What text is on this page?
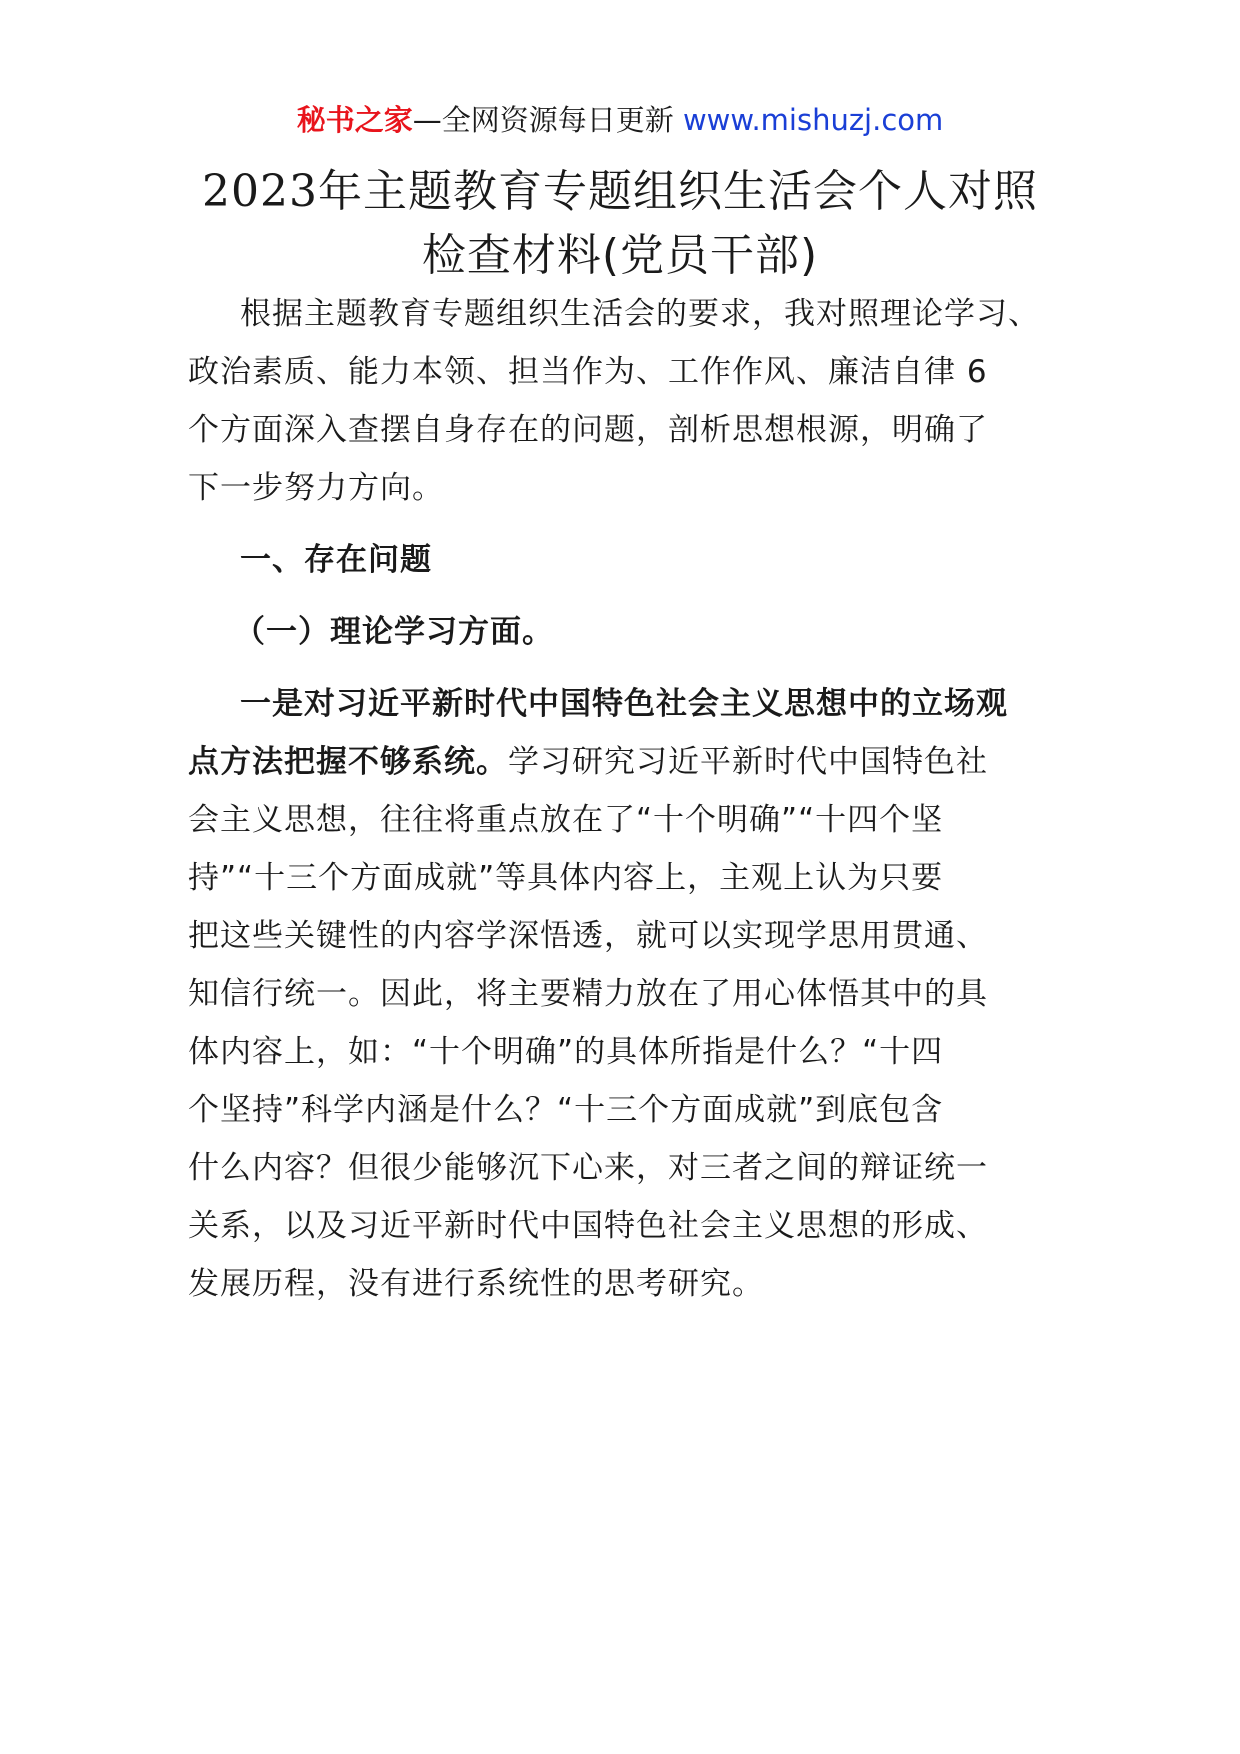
秘书之家—全网资源每日更新 www.mishuzj.com
2023年主题教育专题组织生活会个人对照
检查材料(党员干部)
根据主题教育专题组织生活会的要求，我对照理论学习、
政治素质、能力本领、担当作为、工作作风、廉洁自律 6
个方面深入查摆自身存在的问题，剖析思想根源，明确了
下一步努力方向。
一、存在问题
（一）理论学习方面。
一是对习近平新时代中国特色社会主义思想中的立场观
点方法把握不够系统。学习研究习近平新时代中国特色社
会主义思想，往往将重点放在了“十个明确”“十四个坚
持”“十三个方面成就”等具体内容上，主观上认为只要
把这些关键性的内容学深悟透，就可以实现学思用贯通、
知信行统一。因此，将主要精力放在了用心体悟其中的具
体内容上，如：“十个明确”的具体所指是什么？“十四
个坚持”科学内涵是什么？“十三个方面成就”到底包含
什么内容？但很少能够沉下心来，对三者之间的辩证统一
关系，以及习近平新时代中国特色社会主义思想的形成、
发展历程，没有进行系统性的思考研究。
